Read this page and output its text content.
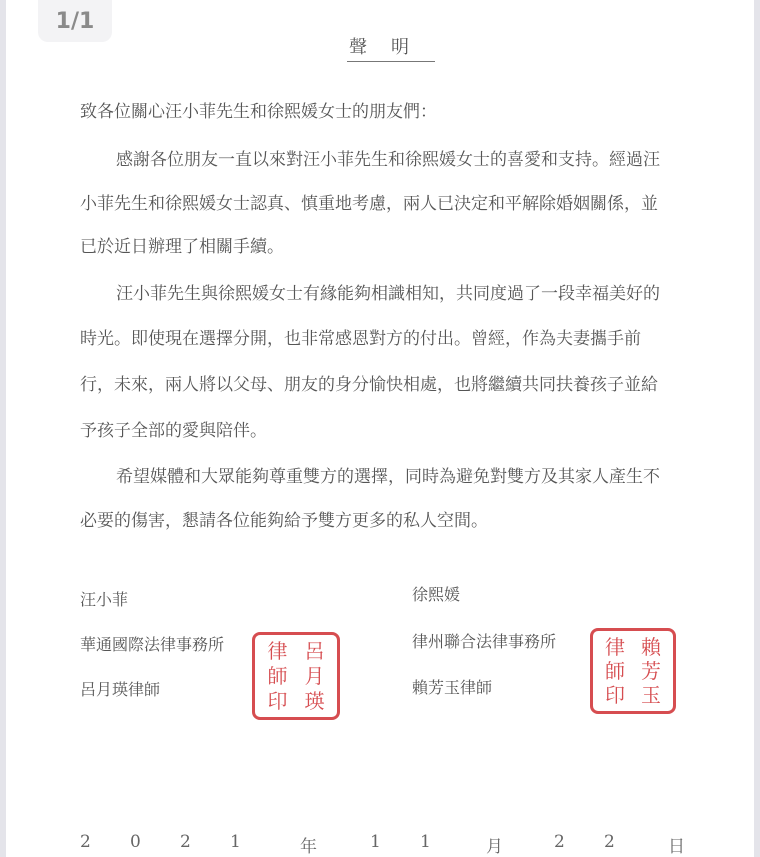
1/1
聲明
致各位關心汪小菲先生和徐熙媛女士的朋友們：
感謝各位朋友一直以來對汪小菲先生和徐熙媛女士的喜愛和支持。經過汪
小菲先生和徐熙媛女士認真、慎重地考慮，兩人已決定和平解除婚姻關係，並
已於近日辦理了相關手續。
汪小菲先生與徐熙媛女士有緣能夠相識相知，共同度過了一段幸福美好的
時光。即使現在選擇分開，也非常感恩對方的付出。曾經，作為夫妻攜手前
行，未來，兩人將以父母、朋友的身分愉快相處，也將繼續共同扶養孩子並給
予孩子全部的愛與陪伴。
希望媒體和大眾能夠尊重雙方的選擇，同時為避免對雙方及其家人產生不
必要的傷害，懇請各位能夠給予雙方更多的私人空間。
汪小菲
華通國際法律事務所
呂月瑛律師
律
師
印
呂
月
瑛
徐熙媛
律州聯合法律事務所
賴芳玉律師
律
師
印
賴
芳
玉
2 0 2 1	年	1 1	月	2 2	日
